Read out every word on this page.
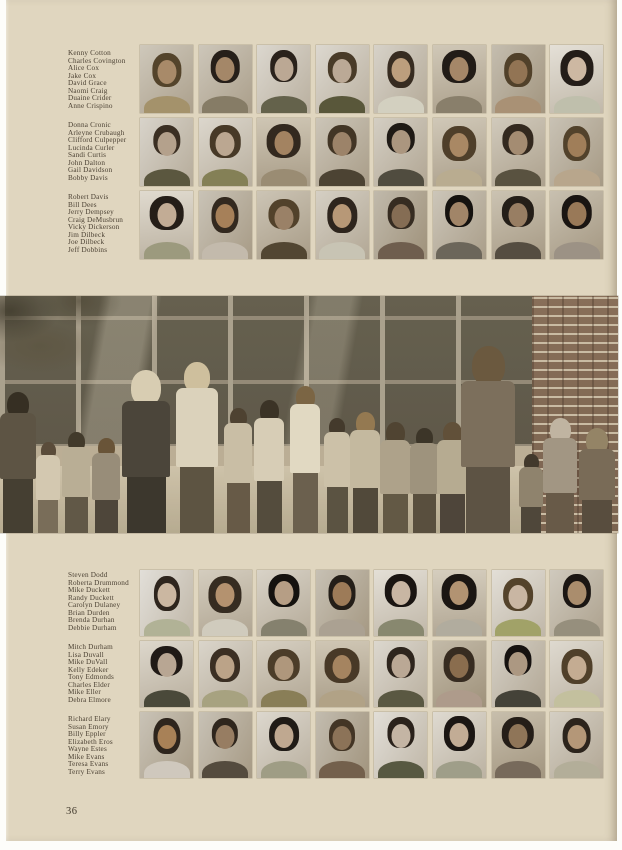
Kenny Cotton
Charles Covington
Alice Cox
Jake Cox
David Grace
Naomi Craig
Duaine Crider
Anne Crispino
Donna Cronic
Arleyne Crubaugh
Clifford Culpepper
Lucinda Curler
Sandi Curtis
John Dalton
Gail Davidson
Bobby Davis
Robert Davis
Bill Dees
Jerry Dempsey
Craig DeMusbrun
Vicky Dickerson
Jim Dilbeck
Joe Dilbeck
Jeff Dobbins
Steven Dodd
Roberta Drummond
Mike Duckett
Randy Duckett
Carolyn Dulaney
Brian Durden
Brenda Durhan
Debbie Durham
Mitch Durham
Lisa Duvall
Mike DuVall
Kelly Edeker
Tony Edmonds
Charles Elder
Mike Eller
Debra Elmore
Richard Elary
Susan Emory
Billy Eppler
Elizabeth Eros
Wayne Estes
Mike Evans
Teresa Evans
Terry Evans
36
